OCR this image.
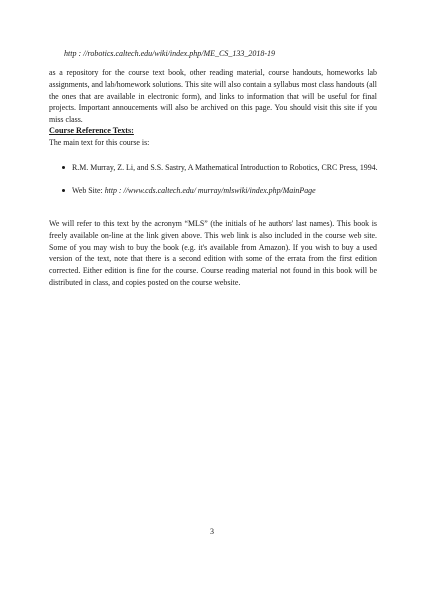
http : //robotics.caltech.edu/wiki/index.php/ME_CS_133_2018-19

as a repository for the course text book, other reading material, course handouts, homeworks lab assignments, and lab/homework solutions. This site will also contain a syllabus most class handouts (all the ones that are available in electronic form), and links to information that will be useful for final projects. Important annoucements will also be archived on this page. You should visit this site if you miss class.

Course Reference Texts:

The main text for this course is:

R.M. Murray, Z. Li, and S.S. Sastry, A Mathematical Introduction to Robotics, CRC Press, 1994.
Web Site: http : //www.cds.caltech.edu/ murray/mlswiki/index.php/MainPage

We will refer to this text by the acronym “MLS” (the initials of he authors' last names). This book is freely available on-line at the link given above. This web link is also included in the course web site. Some of you may wish to buy the book (e.g. it's available from Amazon). If you wish to buy a used version of the text, note that there is a second edition with some of the errata from the first edition corrected. Either edition is fine for the course. Course reading material not found in this book will be distributed in class, and copies posted on the course website.

3
